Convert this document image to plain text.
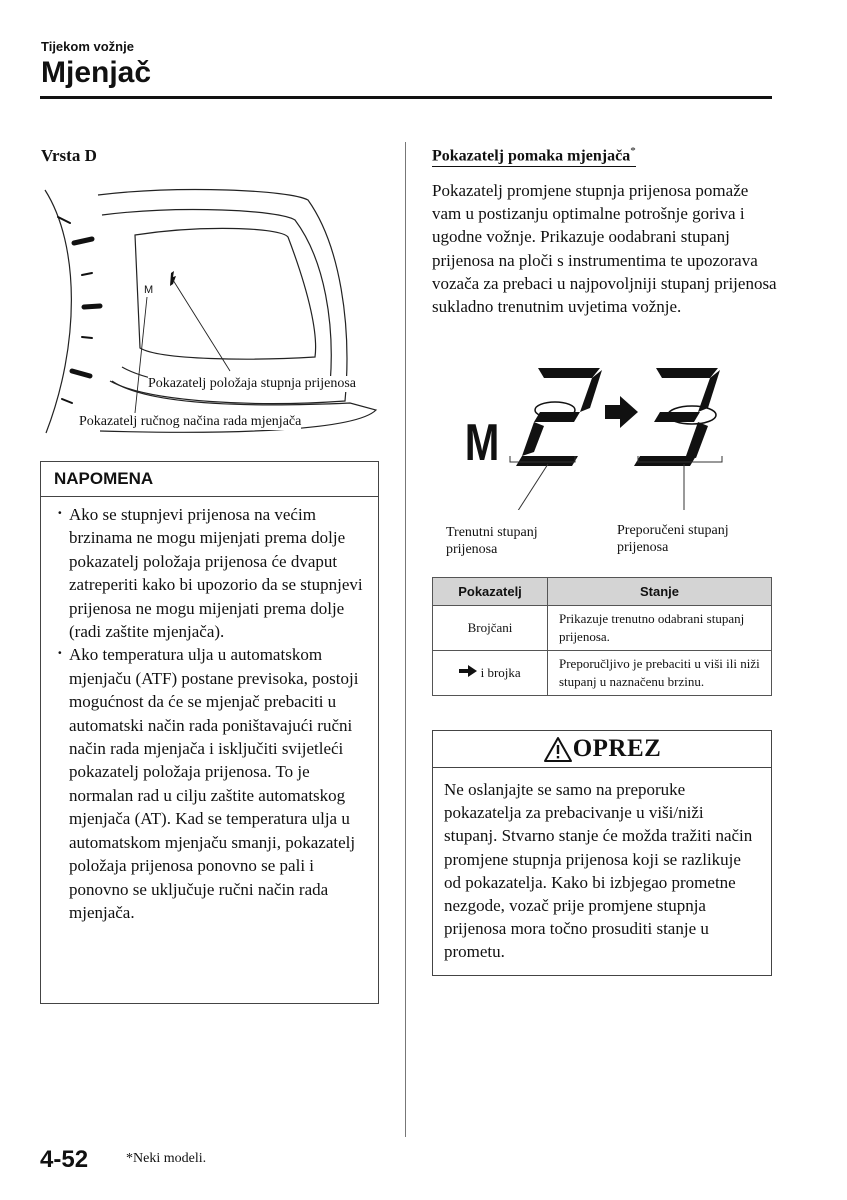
Tijekom vožnje
Mjenjač
Vrsta D
M
Pokazatelj položaja stupnja prijenosa
Pokazatelj ručnog načina rada mjenjača
NAPOMENA
· Ako se stupnjevi prijenosa na većim brzinama ne mogu mijenjati prema dolje pokazatelj položaja prijenosa će dvaput zatreperiti kako bi upozorio da se stupnjevi prijenosa ne mogu mijenjati prema dolje (radi zaštite mjenjača).
· Ako temperatura ulja u automatskom mjenjaču (ATF) postane previsoka, postoji mogućnost da će se mjenjač prebaciti u automatski način rada poništavajući ručni način rada mjenjača i isključiti svijetleći pokazatelj položaja prijenosa. To je normalan rad u cilju zaštite automatskog mjenjača (AT). Kad se temperatura ulja u automatskom mjenjaču smanji, pokazatelj položaja prijenosa ponovno se pali i ponovno se uključuje ručni način rada mjenjača.
Pokazatelj pomaka mjenjača*
Pokazatelj promjene stupnja prijenosa pomaže vam u postizanju optimalne potrošnje goriva i ugodne vožnje. Prikazuje oodabrani stupanj prijenosa na ploči s instrumentima te upozorava vozača za prebaci u najpovoljniji stupanj prijenosa sukladno trenutnim uvjetima vožnje.
M
Trenutni stupanj
prijenosa
Preporučeni stupanj
prijenosa
Pokazatelj	Stanje
Brojčani	Prikazuje trenutno odabrani stupanj prijenosa.
i brojka	Preporučljivo je prebaciti u viši ili niži stupanj u naznačenu brzinu.
OPREZ
Ne oslanjajte se samo na preporuke pokazatelja za prebacivanje u viši/niži stupanj. Stvarno stanje će možda tražiti način promjene stupnja prijenosa koji se razlikuje od pokazatelja. Kako bi izbjegao prometne nezgode, vozač prije promjene stupnja prijenosa mora točno prosuditi stanje u prometu.
4-52	*Neki modeli.
